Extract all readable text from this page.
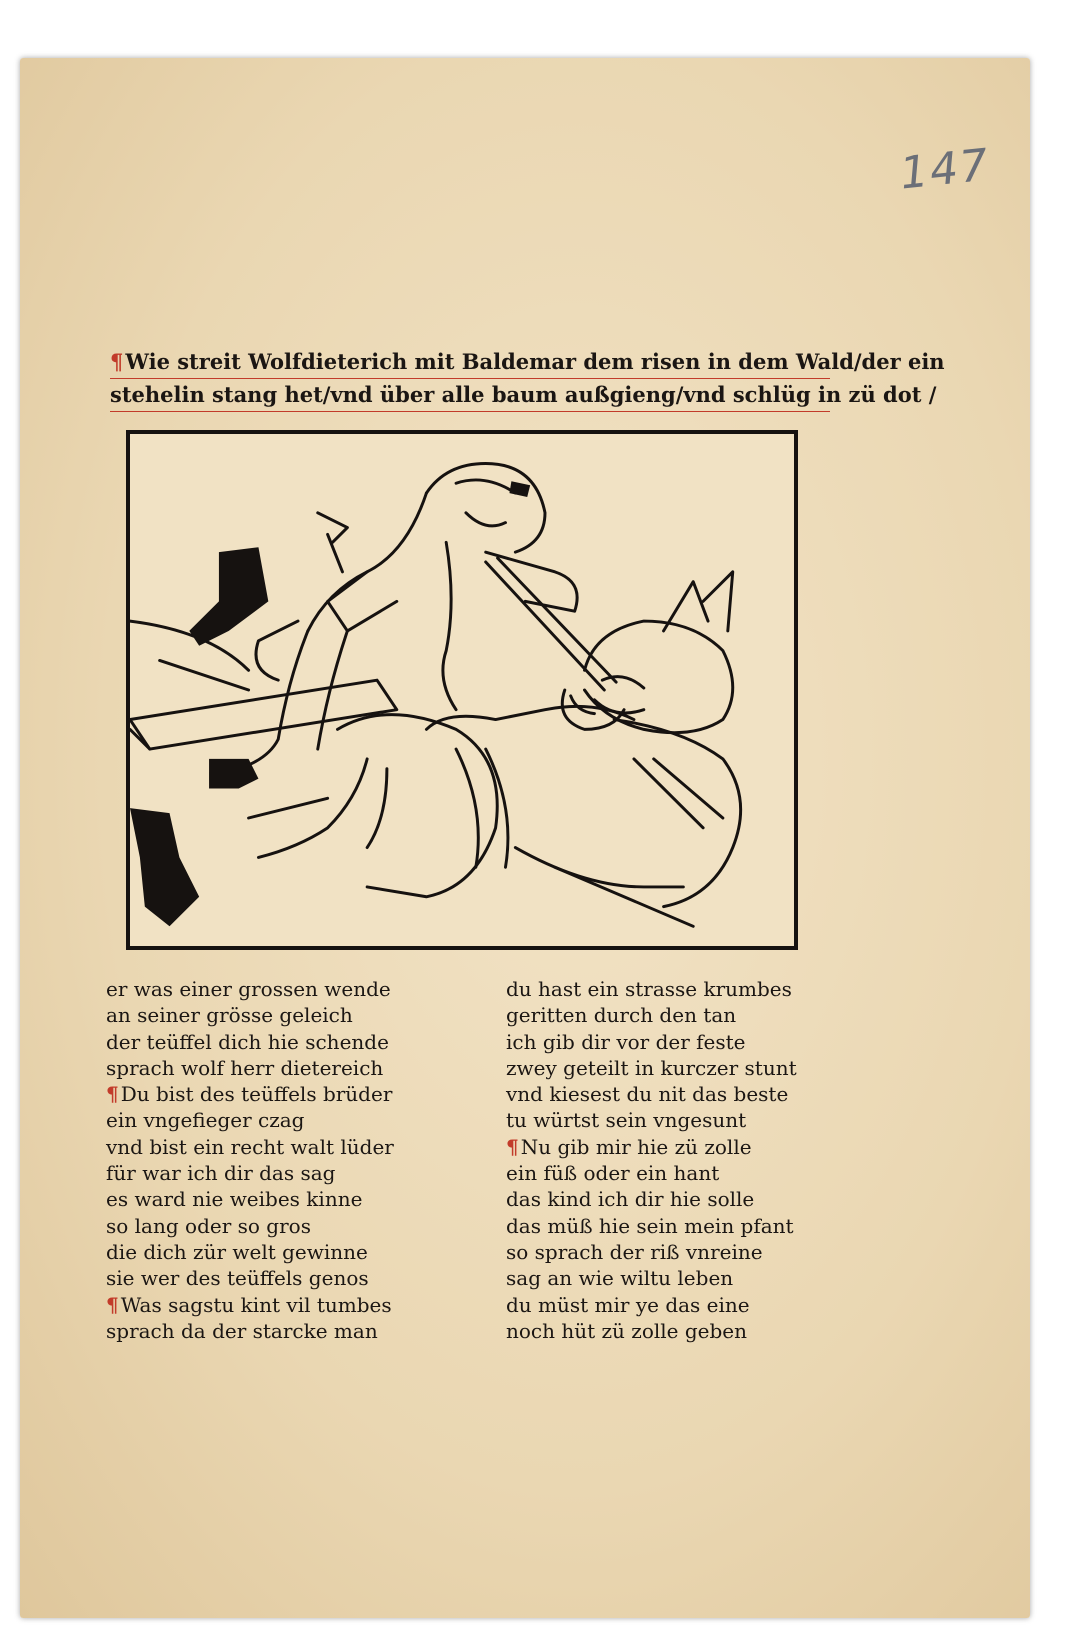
147
¶Wie streit Wolfdieterich mit Baldemar dem risen in dem Wald/der ein
stehelin stang het/vnd über alle baum außgieng/vnd schlüg in zü dot /
er was einer grossen wende
an seiner grösse geleich
der teüffel dich hie schende
sprach wolf herr dietereich
¶ Du bist des teüffels brüder
ein vngefieger czag
vnd bist ein recht walt lüder
für war ich dir das sag
es ward nie weibes kinne
so lang oder so gros
die dich zür welt gewinne
sie wer des teüffels genos
¶ Was sagstu kint vil tumbes
sprach da der starcke man
du hast ein strasse krumbes
geritten durch den tan
ich gib dir vor der feste
zwey geteilt in kurczer stunt
vnd kiesest du nit das beste
tu würtst sein vngesunt
¶ Nu gib mir hie zü zolle
ein füß oder ein hant
das kind ich dir hie solle
das müß hie sein mein pfant
so sprach der riß vnreine
sag an wie wiltu leben
du müst mir ye das eine
noch hüt zü zolle geben
